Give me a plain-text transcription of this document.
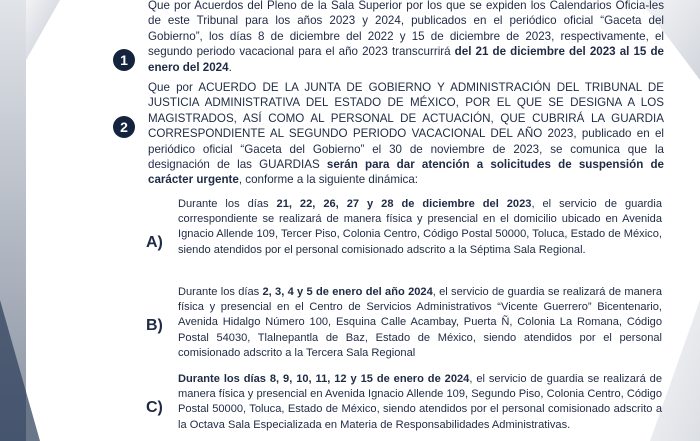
1

Que por Acuerdos del Pleno de la Sala Superior por los que se expiden los Calendarios Oficia-les de este Tribunal para los años 2023 y 2024, publicados en el periódico oficial “Gaceta del Gobierno”, los días 8 de diciembre del 2022 y 15 de diciembre de 2023, respectivamente, el segundo periodo vacacional para el año 2023 transcurrirá del 21 de diciembre del 2023 al 15 de enero del 2024.

2

Que por ACUERDO DE LA JUNTA DE GOBIERNO Y ADMINISTRACIÓN DEL TRIBUNAL DE JUSTICIA ADMINISTRATIVA DEL ESTADO DE MÉXICO, POR EL QUE SE DESIGNA A LOS MAGISTRADOS, ASÍ COMO AL PERSONAL DE ACTUACIÓN, QUE CUBRIRÁ LA GUARDIA CORRESPONDIENTE AL SEGUNDO PERIODO VACACIONAL DEL AÑO 2023, publicado en el periódico oficial “Gaceta del Gobierno” el 30 de noviembre de 2023, se comunica que la designación de las GUARDIAS serán para dar atención a solicitudes de suspensión de carácter urgente, conforme a la siguiente dinámica:

A)

Durante los días 21, 22, 26, 27 y 28 de diciembre del 2023, el servicio de guardia correspondiente se realizará de manera física y presencial en el domicilio ubicado en Avenida Ignacio Allende 109, Tercer Piso, Colonia Centro, Código Postal 50000, Toluca, Estado de México, siendo atendidos por el personal comisionado adscrito a la Séptima Sala Regional.

B)

Durante los días 2, 3, 4 y 5 de enero del año 2024, el servicio de guardia se realizará de manera física y presencial en el Centro de Servicios Administrativos “Vicente Guerrero” Bicentenario, Avenida Hidalgo Número 100, Esquina Calle Acambay, Puerta Ñ, Colonia La Romana, Código Postal 54030, Tlalnepantla de Baz, Estado de México, siendo atendidos por el personal comisionado adscrito a la Tercera Sala Regional

C)

Durante los días 8, 9, 10, 11, 12 y 15 de enero de 2024, el servicio de guardia se realizará de manera física y presencial en Avenida Ignacio Allende 109, Segundo Piso, Colonia Centro, Código Postal 50000, Toluca, Estado de México, siendo atendidos por el personal comisionado adscrito a la Octava Sala Especializada en Materia de Responsabilidades Administrativas.
